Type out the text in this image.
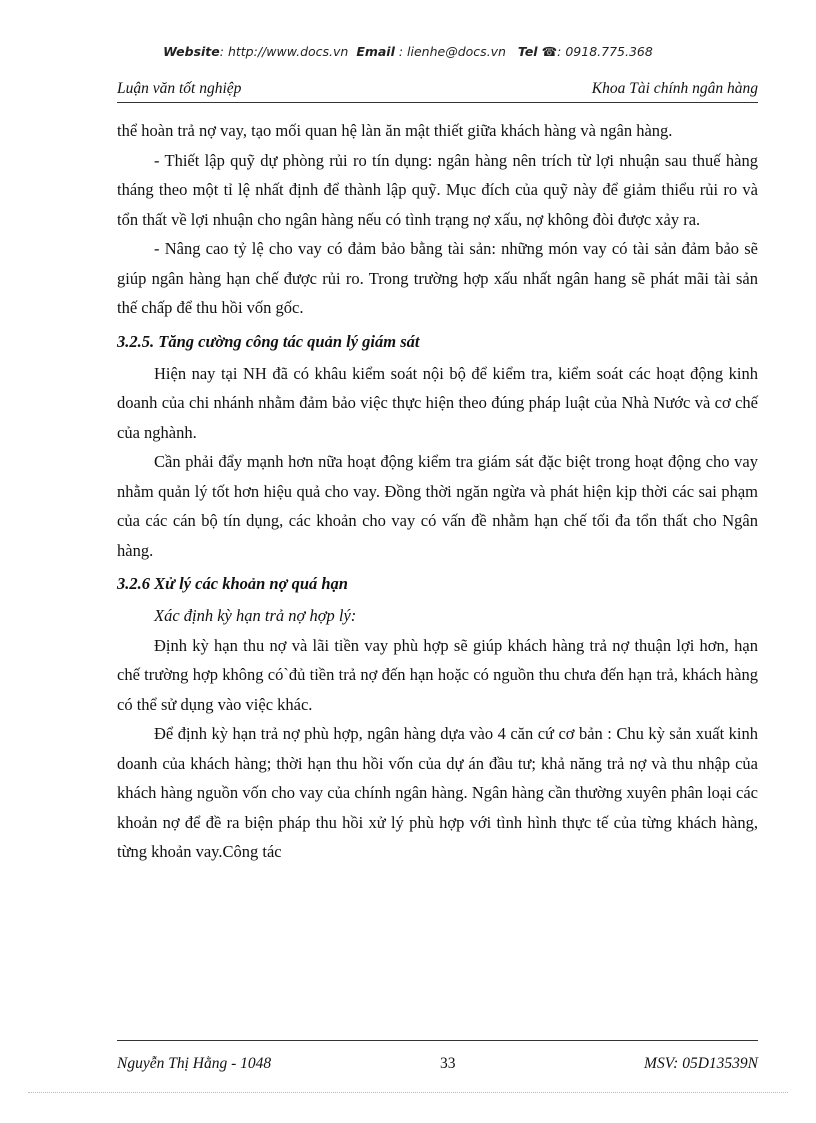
Website: http://www.docs.vn Email : lienhe@docs.vn Tel ☎: 0918.775.368
Luận văn tốt nghiệp	Khoa Tài chính ngân hàng

thể hoàn trả nợ vay, tạo mối quan hệ làn ăn mật thiết giữa khách hàng và ngân hàng.

- Thiết lập quỹ dự phòng rủi ro tín dụng: ngân hàng nên trích từ lợi nhuận sau thuế hàng tháng theo một tỉ lệ nhất định để thành lập quỹ. Mục đích của quỹ này để giảm thiểu rủi ro và tổn thất về lợi nhuận cho ngân hàng nếu có tình trạng nợ xấu, nợ không đòi được xảy ra.

- Nâng cao tỷ lệ cho vay có đảm bảo bằng tài sản: những món vay có tài sản đảm bảo sẽ giúp ngân hàng hạn chế được rủi ro. Trong trường hợp xấu nhất ngân hang sẽ phát mãi tài sản thế chấp để thu hồi vốn gốc.

3.2.5. Tăng cường công tác quản lý giám sát

Hiện nay tại NH đã có khâu kiểm soát nội bộ để kiểm tra, kiểm soát các hoạt động kinh doanh của chi nhánh nhằm đảm bảo việc thực hiện theo đúng pháp luật của Nhà Nước và cơ chế của nghành.

Cần phải đẩy mạnh hơn nữa hoạt động kiểm tra giám sát đặc biệt trong hoạt động cho vay nhằm quản lý tốt hơn hiệu quả cho vay. Đồng thời ngăn ngừa và phát hiện kịp thời các sai phạm của các cán bộ tín dụng, các khoản cho vay có vấn đề nhằm hạn chế tối đa tổn thất cho Ngân hàng.

3.2.6 Xử lý các khoản nợ quá hạn

Xác định kỳ hạn trả nợ hợp lý:

Định kỳ hạn thu nợ và lãi tiền vay phù hợp sẽ giúp khách hàng trả nợ thuận lợi hơn, hạn chế trường hợp không có`đủ tiền trả nợ đến hạn hoặc có nguồn thu chưa đến hạn trả, khách hàng có thể sử dụng vào việc khác.

Để định kỳ hạn trả nợ phù hợp, ngân hàng dựa vào 4 căn cứ cơ bản : Chu kỳ sản xuất kinh doanh của khách hàng; thời hạn thu hồi vốn của dự án đầu tư; khả năng trả nợ và thu nhập của khách hàng nguồn vốn cho vay của chính ngân hàng. Ngân hàng cần thường xuyên phân loại các khoản nợ để đề ra biện pháp thu hồi xử lý phù hợp với tình hình thực tế của từng khách hàng, từng khoản vay.Công tác

Nguyễn Thị Hằng - 1048	33	MSV: 05D13539N
